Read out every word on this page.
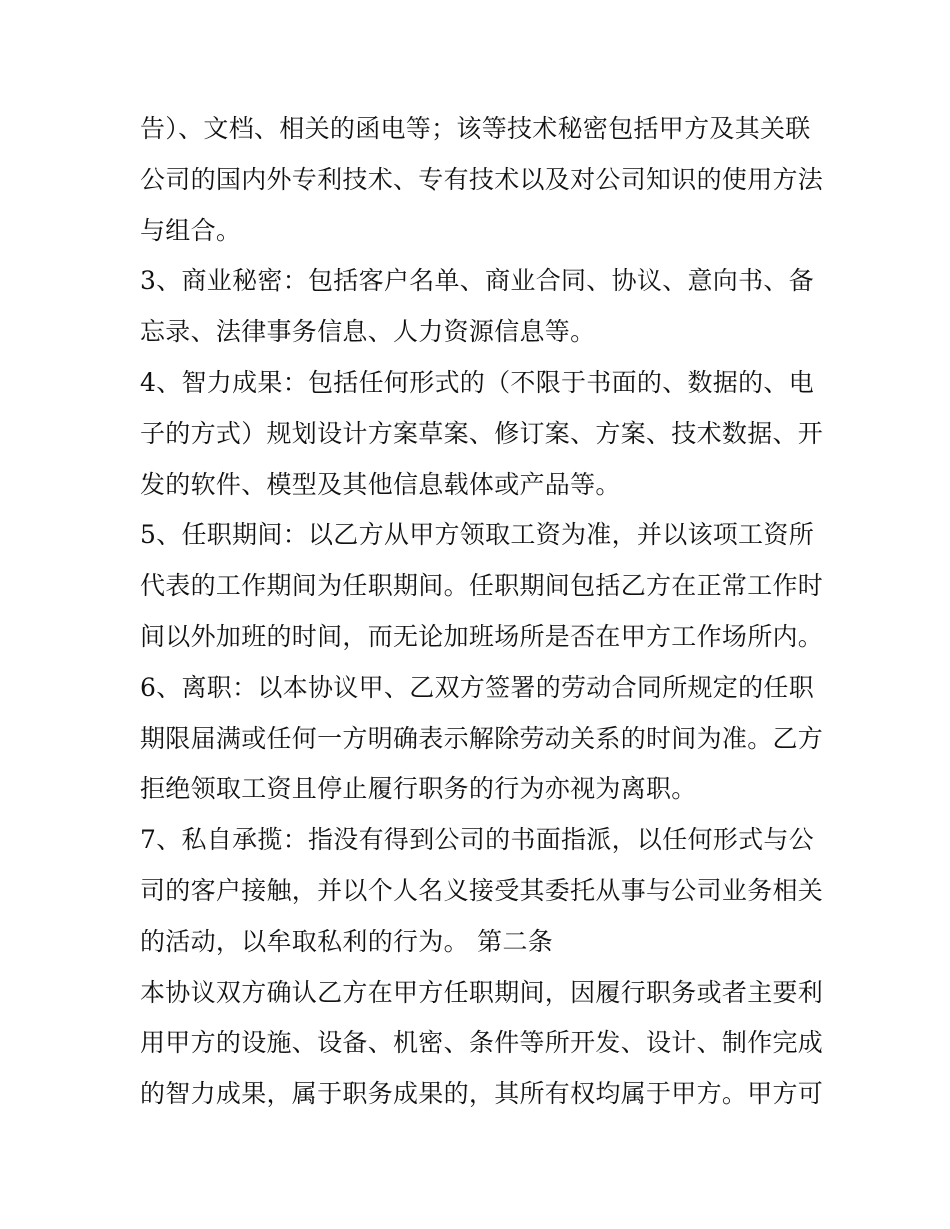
告）、文档、相关的函电等；该等技术秘密包括甲方及其关联
公司的国内外专利技术、专有技术以及对公司知识的使用方法
与组合。
3、商业秘密：包括客户名单、商业合同、协议、意向书、备
忘录、法律事务信息、人力资源信息等。
4、智力成果：包括任何形式的（不限于书面的、数据的、电
子的方式）规划设计方案草案、修订案、方案、技术数据、开
发的软件、模型及其他信息载体或产品等。
5、任职期间：以乙方从甲方领取工资为准，并以该项工资所
代表的工作期间为任职期间。任职期间包括乙方在正常工作时
间以外加班的时间，而无论加班场所是否在甲方工作场所内。
6、离职：以本协议甲、乙双方签署的劳动合同所规定的任职
期限届满或任何一方明确表示解除劳动关系的时间为准。乙方
拒绝领取工资且停止履行职务的行为亦视为离职。
7、私自承揽：指没有得到公司的书面指派，以任何形式与公
司的客户接触，并以个人名义接受其委托从事与公司业务相关
的活动，以牟取私利的行为。 第二条
本协议双方确认乙方在甲方任职期间，因履行职务或者主要利
用甲方的设施、设备、机密、条件等所开发、设计、制作完成
的智力成果，属于职务成果的，其所有权均属于甲方。甲方可
